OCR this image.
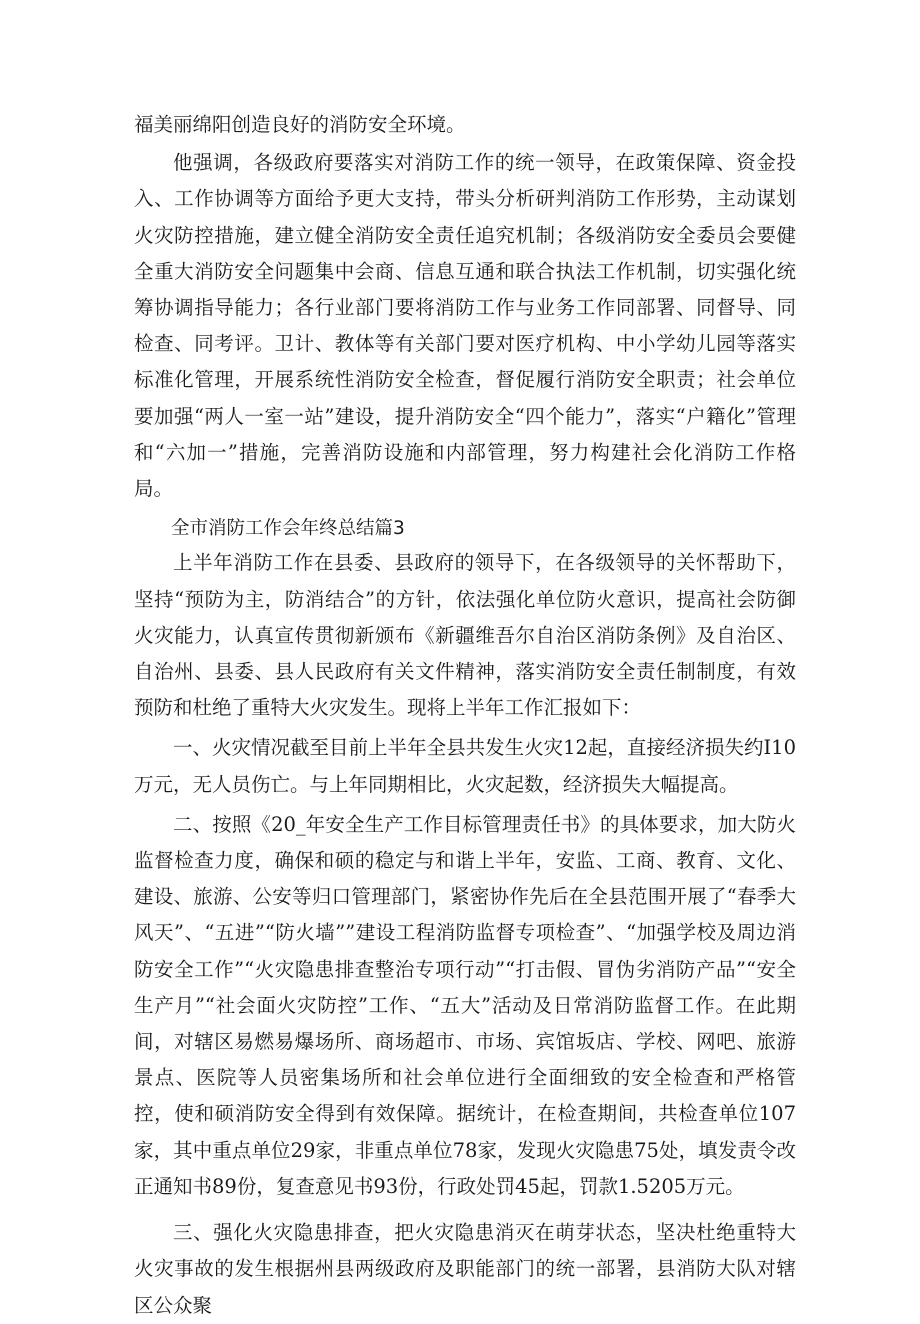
福美丽绵阳创造良好的消防安全环境。

他强调，各级政府要落实对消防工作的统一领导，在政策保障、资金投入、工作协调等方面给予更大支持，带头分析研判消防工作形势，主动谋划火灾防控措施，建立健全消防安全责任追究机制；各级消防安全委员会要健全重大消防安全问题集中会商、信息互通和联合执法工作机制，切实强化统筹协调指导能力；各行业部门要将消防工作与业务工作同部署、同督导、同检查、同考评。卫计、教体等有关部门要对医疗机构、中小学幼儿园等落实标准化管理，开展系统性消防安全检查，督促履行消防安全职责；社会单位要加强“两人一室一站”建设，提升消防安全“四个能力”，落实“户籍化”管理和“六加一”措施，完善消防设施和内部管理，努力构建社会化消防工作格局。

全市消防工作会年终总结篇3

上半年消防工作在县委、县政府的领导下，在各级领导的关怀帮助下，坚持“预防为主，防消结合”的方针，依法强化单位防火意识，提高社会防御火灾能力，认真宣传贯彻新颁布《新疆维吾尔自治区消防条例》及自治区、自治州、县委、县人民政府有关文件精神，落实消防安全责任制制度，有效预防和杜绝了重特大火灾发生。现将上半年工作汇报如下：

一、火灾情况截至目前上半年全县共发生火灾12起，直接经济损失约I10万元，无人员伤亡。与上年同期相比，火灾起数，经济损失大幅提高。

二、按照《20_年安全生产工作目标管理责任书》的具体要求，加大防火监督检查力度，确保和硕的稳定与和谐上半年，安监、工商、教育、文化、建设、旅游、公安等归口管理部门，紧密协作先后在全县范围开展了“春季大风天”、“五进”“防火墙””建设工程消防监督专项检查”、“加强学校及周边消防安全工作”“火灾隐患排查整治专项行动”“打击假、冒伪劣消防产品”“安全生产月”“社会面火灾防控”工作、“五大”活动及日常消防监督工作。在此期间，对辖区易燃易爆场所、商场超市、市场、宾馆坂店、学校、网吧、旅游景点、医院等人员密集场所和社会单位进行全面细致的安全检查和严格管控，使和硕消防安全得到有效保障。据统计，在检查期间，共检查单位107家，其中重点单位29家，非重点单位78家，发现火灾隐患75处，填发责令改正通知书89份，复查意见书93份，行政处罚45起，罚款1.5205万元。

三、强化火灾隐患排查，把火灾隐患消灭在萌芽状态，坚决杜绝重特大火灾事故的发生根据州县两级政府及职能部门的统一部署，县消防大队对辖区公众聚
